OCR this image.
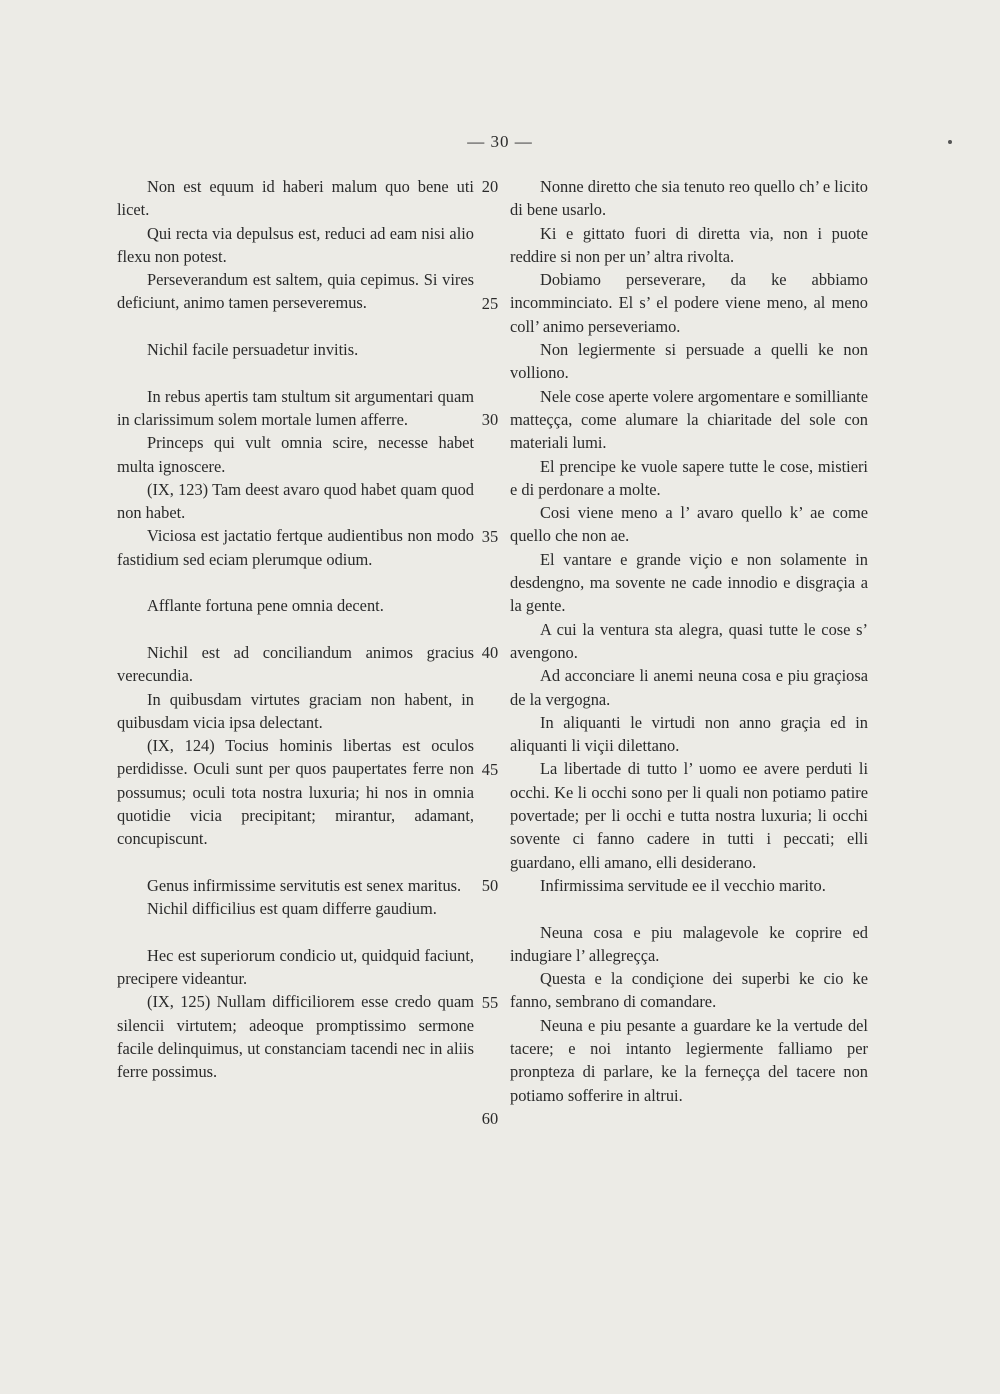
— 30 —

Non est equum id haberi malum quo bene uti licet.

Qui recta via depulsus est, reduci ad eam nisi alio flexu non potest.

Perseverandum est saltem, quia cepimus. Si vires deficiunt, animo tamen perseveremus.

Nichil facile persuadetur invitis.

In rebus apertis tam stultum sit argumentari quam in clarissimum solem mortale lumen afferre.

Princeps qui vult omnia scire, necesse habet multa ignoscere.

(IX, 123) Tam deest avaro quod habet quam quod non habet.

Viciosa est jactatio fertque audientibus non modo fastidium sed eciam plerumque odium.

Afflante fortuna pene omnia decent.

Nichil est ad conciliandum animos gracius verecundia.

In quibusdam virtutes graciam non habent, in quibusdam vicia ipsa delectant.

(IX, 124) Tocius hominis libertas est oculos perdidisse. Oculi sunt per quos paupertates ferre non possumus; oculi tota nostra luxuria; hi nos in omnia quotidie vicia precipitant; mirantur, adamant, concupiscunt.

Genus infirmissime servitutis est senex maritus.

Nichil difficilius est quam differre gaudium.

Hec est superiorum condicio ut, quidquid faciunt, precipere videantur.

(IX, 125) Nullam difficiliorem esse credo quam silencii virtutem; adeoque promptissimo sermone facile delinquimus, ut constanciam tacendi nec in aliis ferre possimus.

20
25
30
35
40
45
50
55
60

Nonne diretto che sia tenuto reo quello ch’ e licito di bene usarlo.

Ki e gittato fuori di diretta via, non i puote reddire si non per un’ altra rivolta.

Dobiamo perseverare, da ke abbiamo incomminciato. El s’ el podere viene meno, al meno coll’ animo perseveriamo.

Non legiermente si persuade a quelli ke non volliono.

Nele cose aperte volere argomentare e somilliante matteçça, come alumare la chiaritade del sole con materiali lumi.

El prencipe ke vuole sapere tutte le cose, mistieri e di perdonare a molte.

Cosi viene meno a l’ avaro quello k’ ae come quello che non ae.

El vantare e grande viçio e non solamente in desdengno, ma sovente ne cade innodio e disgraçia a la gente.

A cui la ventura sta alegra, quasi tutte le cose s’ avengono.

Ad acconciare li anemi neuna cosa e piu graçiosa de la vergogna.

In aliquanti le virtudi non anno graçia ed in aliquanti li viçii dilettano.

La libertade di tutto l’ uomo ee avere perduti li occhi. Ke li occhi sono per li quali non potiamo patire povertade; per li occhi e tutta nostra luxuria; li occhi sovente ci fanno cadere in tutti i peccati; elli guardano, elli amano, elli desiderano.

Infirmissima servitude ee il vecchio marito.

Neuna cosa e piu malagevole ke coprire ed indugiare l’ allegreçça.

Questa e la condiçione dei superbi ke cio ke fanno, sembrano di comandare.

Neuna e piu pesante a guardare ke la vertude del tacere; e noi intanto legiermente falliamo per pronpteza di parlare, ke la ferneçça del tacere non potiamo sofferire in altrui.
